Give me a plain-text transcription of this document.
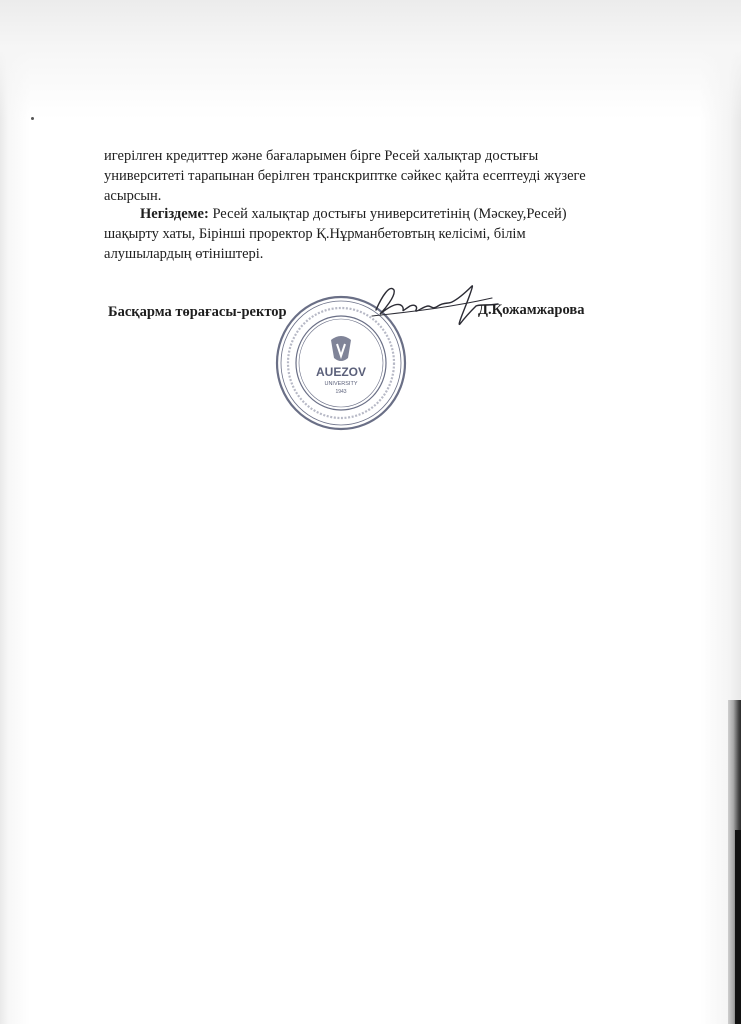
игерілген кредиттер және бағаларымен бірге Ресей халықтар достығы
университеті тарапынан берілген транскриптке сәйкес қайта есептеуді жүзеге
асырсын.
Негіздеме: Ресей халықтар достығы университетінің (Мәскеу,Ресей)
шақырту хаты, Бірінші проректор Қ.Нұрманбетовтың келісімі, білім
алушылардың өтініштері.
Басқарма төрағасы-ректор
AUEZOV
UNIVERSITY
1943
Д.Қожамжарова
